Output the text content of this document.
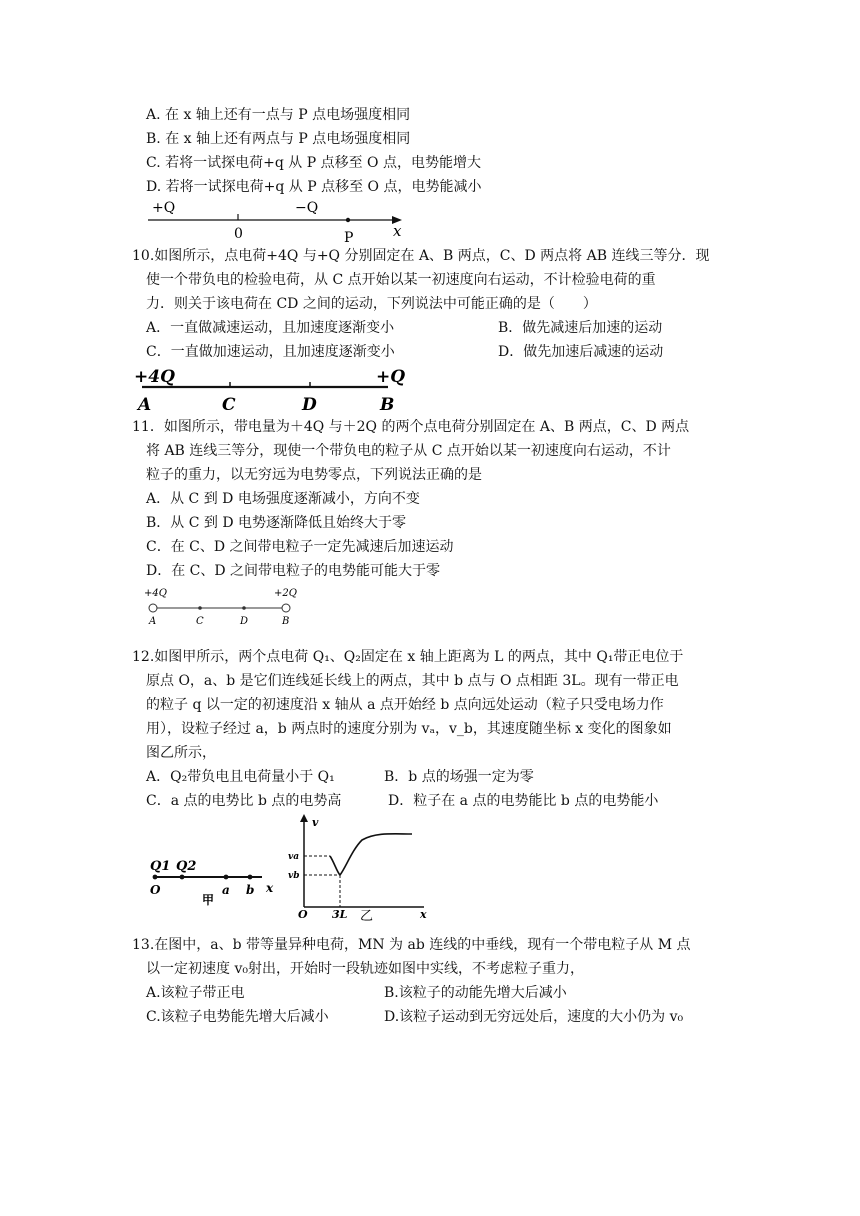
A. 在 x 轴上还有一点与 P 点电场强度相同
B. 在 x 轴上还有两点与 P 点电场强度相同
C. 若将一试探电荷+q 从 P 点移至 O 点，电势能增大
D. 若将一试探电荷+q 从 P 点移至 O 点，电势能减小
+Q
0
−Q
P	x
10.如图所示，点电荷+4Q 与+Q 分别固定在 A、B 两点，C、D 两点将 AB 连线三等分．现
使一个带负电的检验电荷，从 C 点开始以某一初速度向右运动，不计检验电荷的重
力．则关于该电荷在 CD 之间的运动，下列说法中可能正确的是（　　）
A．一直做减速运动，且加速度逐渐变小	B．做先减速后加速的运动
C．一直做加速运动，且加速度逐渐变小	D．做先加速后减速的运动
+4Q	+Q
A	C	D	B
11．如图所示，带电量为＋4Q 与＋2Q 的两个点电荷分别固定在 A、B 两点，C、D 两点
将 AB 连线三等分，现使一个带负电的粒子从 C 点开始以某一初速度向右运动，不计
粒子的重力，以无穷远为电势零点，下列说法正确的是
A．从 C 到 D 电场强度逐渐减小，方向不变
B．从 C 到 D 电势逐渐降低且始终大于零
C．在 C、D 之间带电粒子一定先减速后加速运动
D．在 C、D 之间带电粒子的电势能可能大于零
+4Q	+2Q
A	C	D	B
12.如图甲所示，两个点电荷 Q₁、Q₂固定在 x 轴上距离为 L 的两点，其中 Q₁带正电位于
原点 O，a、b 是它们连线延长线上的两点，其中 b 点与 O 点相距 3L。现有一带正电
的粒子 q 以一定的初速度沿 x 轴从 a 点开始经 b 点向远处运动（粒子只受电场力作
用），设粒子经过 a，b 两点时的速度分别为 vₐ，v_b，其速度随坐标 x 变化的图象如
图乙所示，
A．Q₂带负电且电荷量小于 Q₁	B．b 点的场强一定为零
C．a 点的电势比 b 点的电势高	D．粒子在 a 点的电势能比 b 点的电势能小
Q1 Q2
O	a b x
甲
v
va
vb
O 3L	x
乙
13.在图中，a、b 带等量异种电荷，MN 为 ab 连线的中垂线，现有一个带电粒子从 M 点
以一定初速度 v₀射出，开始时一段轨迹如图中实线，不考虑粒子重力，
A.该粒子带正电	B.该粒子的动能先增大后减小
C.该粒子电势能先增大后减小	D.该粒子运动到无穷远处后，速度的大小仍为 v₀
